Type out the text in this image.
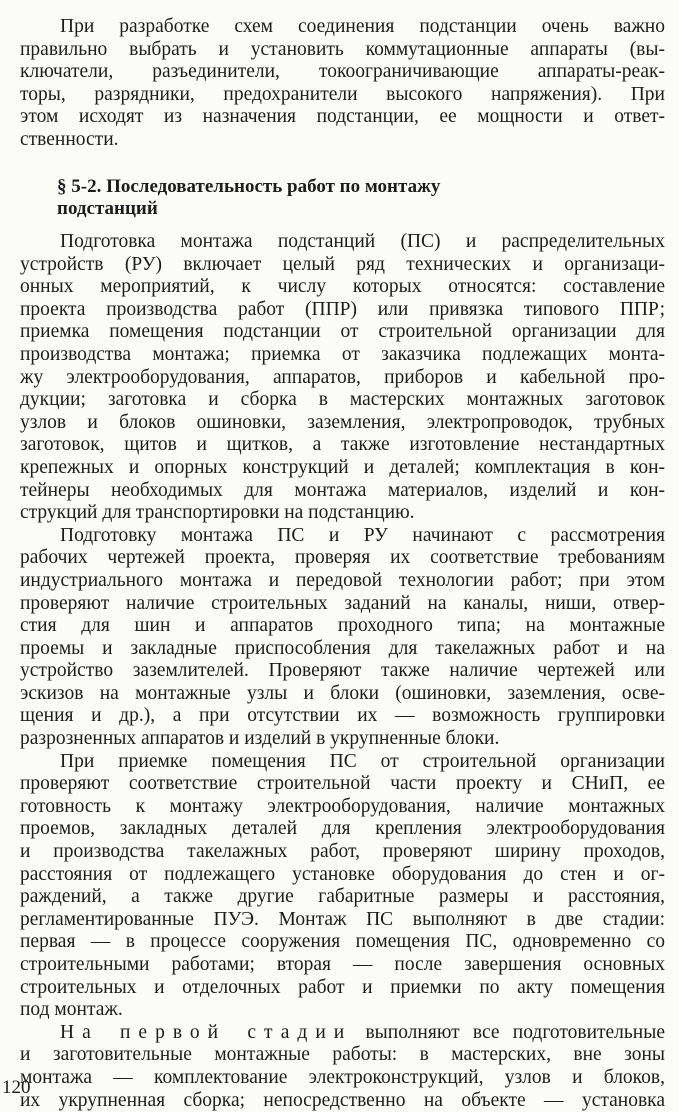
При разработке схем соединения подстанции очень важно
правильно выбрать и установить коммутационные аппараты (вы-
ключатели, разъединители, токоограничивающие аппараты-реак-
торы, разрядники, предохранители высокого напряжения). При
этом исходят из назначения подстанции, ее мощности и ответ-
ственности.
§ 5-2. Последовательность работ по монтажу
подстанций
Подготовка монтажа подстанций (ПС) и распределительных
устройств (РУ) включает целый ряд технических и организаци-
онных мероприятий, к числу которых относятся: составление
проекта производства работ (ППР) или привязка типового ППР;
приемка помещения подстанции от строительной организации для
производства монтажа; приемка от заказчика подлежащих монта-
жу электрооборудования, аппаратов, приборов и кабельной про-
дукции; заготовка и сборка в мастерских монтажных заготовок
узлов и блоков ошиновки, заземления, электропроводок, трубных
заготовок, щитов и щитков, а также изготовление нестандартных
крепежных и опорных конструкций и деталей; комплектация в кон-
тейнеры необходимых для монтажа материалов, изделий и кон-
струкций для транспортировки на подстанцию.
Подготовку монтажа ПС и РУ начинают с рассмотрения
рабочих чертежей проекта, проверяя их соответствие требованиям
индустриального монтажа и передовой технологии работ; при этом
проверяют наличие строительных заданий на каналы, ниши, отвер-
стия для шин и аппаратов проходного типа; на монтажные
проемы и закладные приспособления для такелажных работ и на
устройство заземлителей. Проверяют также наличие чертежей или
эскизов на монтажные узлы и блоки (ошиновки, заземления, осве-
щения и др.), а при отсутствии их — возможность группировки
разрозненных аппаратов и изделий в укрупненные блоки.
При приемке помещения ПС от строительной организации
проверяют соответствие строительной части проекту и СНиП, ее
готовность к монтажу электрооборудования, наличие монтажных
проемов, закладных деталей для крепления электрооборудования
и производства такелажных работ, проверяют ширину проходов,
расстояния от подлежащего установке оборудования до стен и ог-
раждений, а также другие габаритные размеры и расстояния,
регламентированные ПУЭ. Монтаж ПС выполняют в две стадии:
первая — в процессе сооружения помещения ПС, одновременно со
строительными работами; вторая — после завершения основных
строительных и отделочных работ и приемки по акту помещения
под монтаж.
На первой стадии выполняют все подготовительные
и заготовительные монтажные работы: в мастерских, вне зоны
монтажа — комплектование электроконструкций, узлов и блоков,
их укрупненная сборка; непосредственно на объекте — установка
120
